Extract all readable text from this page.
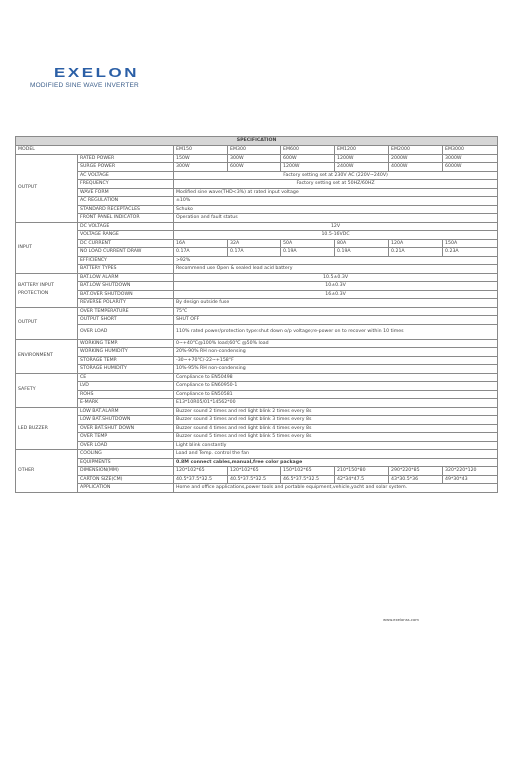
EXELON
MODIFIED SINE WAVE INVERTER
SPECIFICATION							
MODEL		EM150	EM300	EM600	EM1200	EM2000	EM3000
OUTPUT	RATED POWER	150W	300W	600W	1200W	2000W	3000W
	SURGE POWER	300W	600W	1200W	2400W	4000W	6000W
	AC VOLTAGE	Factory setting set at 230V AC (220V~240V)					
	FREQUENCY	Factory setting set at 50HZ/60HZ					
	WAVE FORM	Modified sine wave(THD<3%) at rated input voltage					
	AC REGULATION	±10%					
	STANDARD RECEPTACLES	Schuko					
	FRONT PANEL INDICATOR	Operation and fault status					
INPUT	DC VOLTAGE	12V					
	VOLTAGE RANGE	10.5-16VDC					
	DC CURRENT	16A	32A	50A	80A	120A	150A
	NO LOAD CURRENT DRAW	0.17A	0.17A	0.19A	0.19A	0.21A	0.23A
	EFFICIENCY	>92%					
	BATTERY TYPES	Recommend use Open & sealed lead acid battery					
BATTERY INPUT PROTECTION	BAT.LOW ALARM	10.5±0.3V					
	BAT.LOW SHUTDOWN	10±0.3V					
	BAT.OVER SHUTDOWN	16±0.3V					
	REVERSE POLARITY	By design outside fuse					
OUTPUT	OVER TEMPERATURE	75℃					
	OUTPUT SHORT	SHUT OFF					
	OVER LOAD	110% rated power/protection type:shut down o/p voltage;re-power on to recover within 10 times					
ENVIRONMENT	WORKING TEMP.	0~+40℃@100% load;60℃ @50% load					
	WORKING HUMIDITY	20%-90% RH non-condensing					
	STORAGE TEMP.	-30~+70℃/-22~+158°F					
	STORAGE HUMIDITY	10%-95% RH non-condensing					
SAFETY	CE	Compliance to EN50498					
	LVD	Compliance to EN60950-1					
	ROHS	Compliance to EN50581					
	E-MARK	E13*10R05/01*14562*00					
LED BUZZER	LOW BAT.ALARM	Buzzer sound 2 times and red light blink 2 times every 8s					
	LOW BAT.SHUTDOWN	Buzzer sound 3 times and red light blink 3 times every 8s					
	OVER BAT.SHUT DOWN	Buzzer sound 4 times and red light blink 4 times every 8s					
	OVER TEMP	Buzzer sound 5 times and red light blink 5 times every 8s					
	OVER LOAD	Light blink constantly					
OTHER	COOLING	Load and Temp. control the fan					
	EQUIPMENTS	0.8M connect cables,manual,free color package					
	DIMENSION(MM)	120*102*65	120*102*65	150*102*65	210*150*80	290*220*85	320*220*120
	CARTON SIZE(CM)	40.5*37.5*32.5	40.5*37.5*32.5	46.5*37.5*32.5	42*34*47.5	43*30.5*36	49*30*43
	APPLICATION	Home and office applications,power tools and portable equipment,vehicle,yacht and solar system.					
www.exelonss.com
